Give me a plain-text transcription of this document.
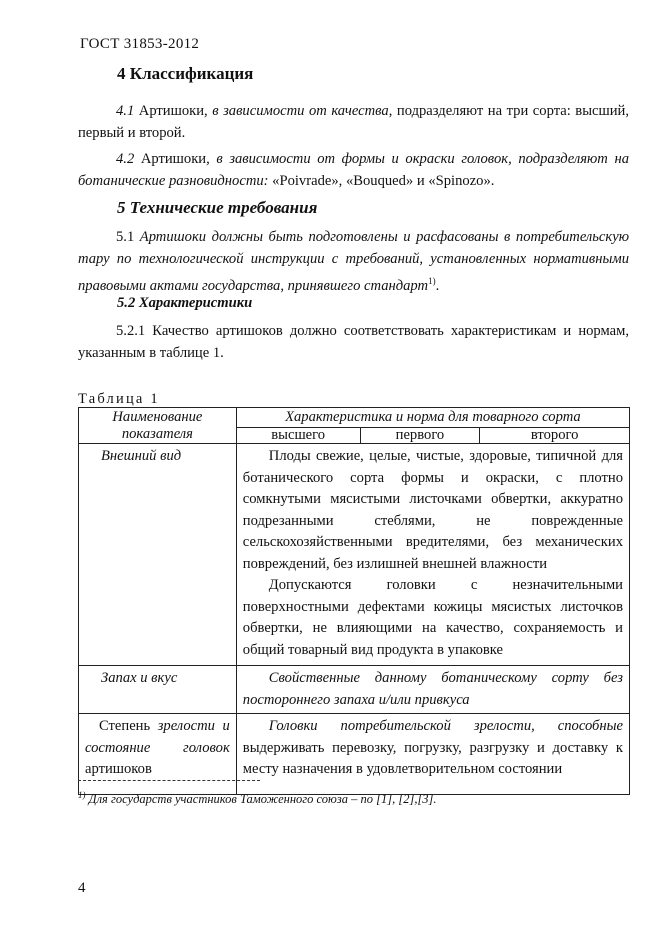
ГОСТ 31853-2012
4 Классификация
4.1 Артишоки, в зависимости от качества, подразделяют на три сорта: высший, первый и второй.
4.2 Артишоки, в зависимости от формы и окраски головок, подразделяют на ботанические разновидности: «Poivrade», «Bouqued» и «Spinozo».
5 Технические требования
5.1 Артишоки должны быть подготовлены и расфасованы в потребительскую тару по технологической инструкции с требований, установленных нормативными правовыми актами государства, принявшего стандарт$^{1)}$.
5.2 Характеристики
5.2.1 Качество артишоков должно соответствовать характеристикам и нормам, указанным в таблице 1.
Таблица 1
Наименование показателя	Характеристика и норма для товарного сорта		
	высшего	первого	второго
Внешний вид	Плоды свежие, целые, чистые, здоровые, типичной для ботанического сорта формы и окраски, с плотно сомкнутыми мясистыми листочками обвертки, аккуратно подрезанными стеблями, не поврежденные сельскохозяйственными вредителями, без механических повреждений, без излишней внешней влажности
Допускаются головки с незначительными поверхностными дефектами кожицы мясистых листочков обвертки, не влияющими на качество, сохраняемость и общий товарный вид продукта в упаковке		

Запах и вкус	Свойственные данному ботаническому сорту без постороннего запаха и/или привкуса		

Степень зрелости и состояние головок артишоков	Головки потребительской зрелости, способные выдерживать перевозку, погрузку, разгрузку и доставку к месту назначения в удовлетворительном состоянии		
$^{1)}$ Для государств участников Таможенного союза – по [1], [2],[3].
4
